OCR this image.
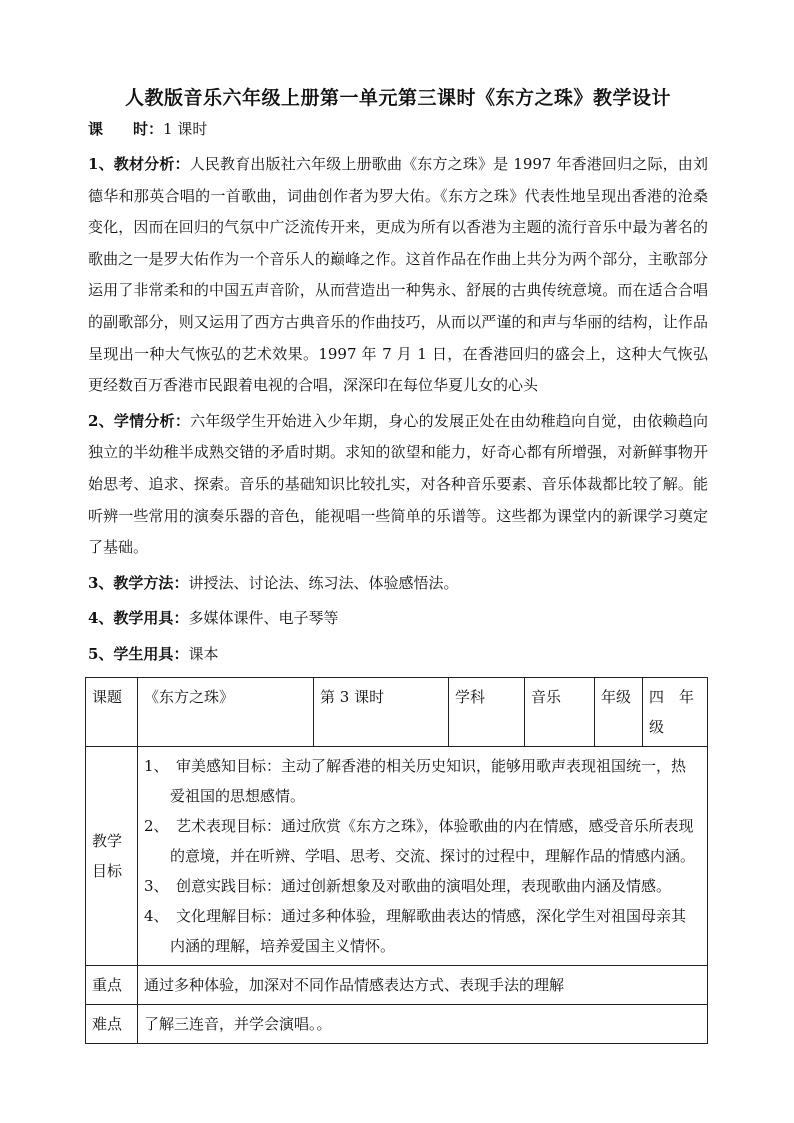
人教版音乐六年级上册第一单元第三课时《东方之珠》教学设计
课　　时：1 课时
1、教材分析：人民教育出版社六年级上册歌曲《东方之珠》是 1997 年香港回归之际，由刘德华和那英合唱的一首歌曲，词曲创作者为罗大佑。《东方之珠》代表性地呈现出香港的沧桑变化，因而在回归的气氛中广泛流传开来，更成为所有以香港为主题的流行音乐中最为著名的歌曲之一是罗大佑作为一个音乐人的巅峰之作。这首作品在作曲上共分为两个部分，主歌部分运用了非常柔和的中国五声音阶，从而营造出一种隽永、舒展的古典传统意境。而在适合合唱的副歌部分，则又运用了西方古典音乐的作曲技巧，从而以严谨的和声与华丽的结构，让作品呈现出一种大气恢弘的艺术效果。1997 年 7 月 1 日，在香港回归的盛会上，这种大气恢弘更经数百万香港市民跟着电视的合唱，深深印在每位华夏儿女的心头
2、学情分析：六年级学生开始进入少年期，身心的发展正处在由幼稚趋向自觉，由依赖趋向独立的半幼稚半成熟交错的矛盾时期。求知的欲望和能力，好奇心都有所增强，对新鲜事物开始思考、追求、探索。音乐的基础知识比较扎实，对各种音乐要素、音乐体裁都比较了解。能听辨一些常用的演奏乐器的音色，能视唱一些简单的乐谱等。这些都为课堂内的新课学习奠定了基础。
3、教学方法：讲授法、讨论法、练习法、体验感悟法。
4、教学用具：多媒体课件、电子琴等
5、学生用具：课本
课题	《东方之珠》	第 3 课时	学科	音乐	年级	四　年级
教学目标	1、　审美感知目标：主动了解香港的相关历史知识，能够用歌声表现祖国统一，热爱祖国的思想感情。
2、　艺术表现目标：通过欣赏《东方之珠》，体验歌曲的内在情感，感受音乐所表现的意境，并在听辨、学唱、思考、交流、探讨的过程中，理解作品的情感内涵。
3、　创意实践目标：通过创新想象及对歌曲的演唱处理，表现歌曲内涵及情感。
4、　文化理解目标：通过多种体验，理解歌曲表达的情感，深化学生对祖国母亲其内涵的理解，培养爱国主义情怀。					

重点	通过多种体验，加深对不同作品情感表达方式、表现手法的理解					
难点	了解三连音，并学会演唱。。					
